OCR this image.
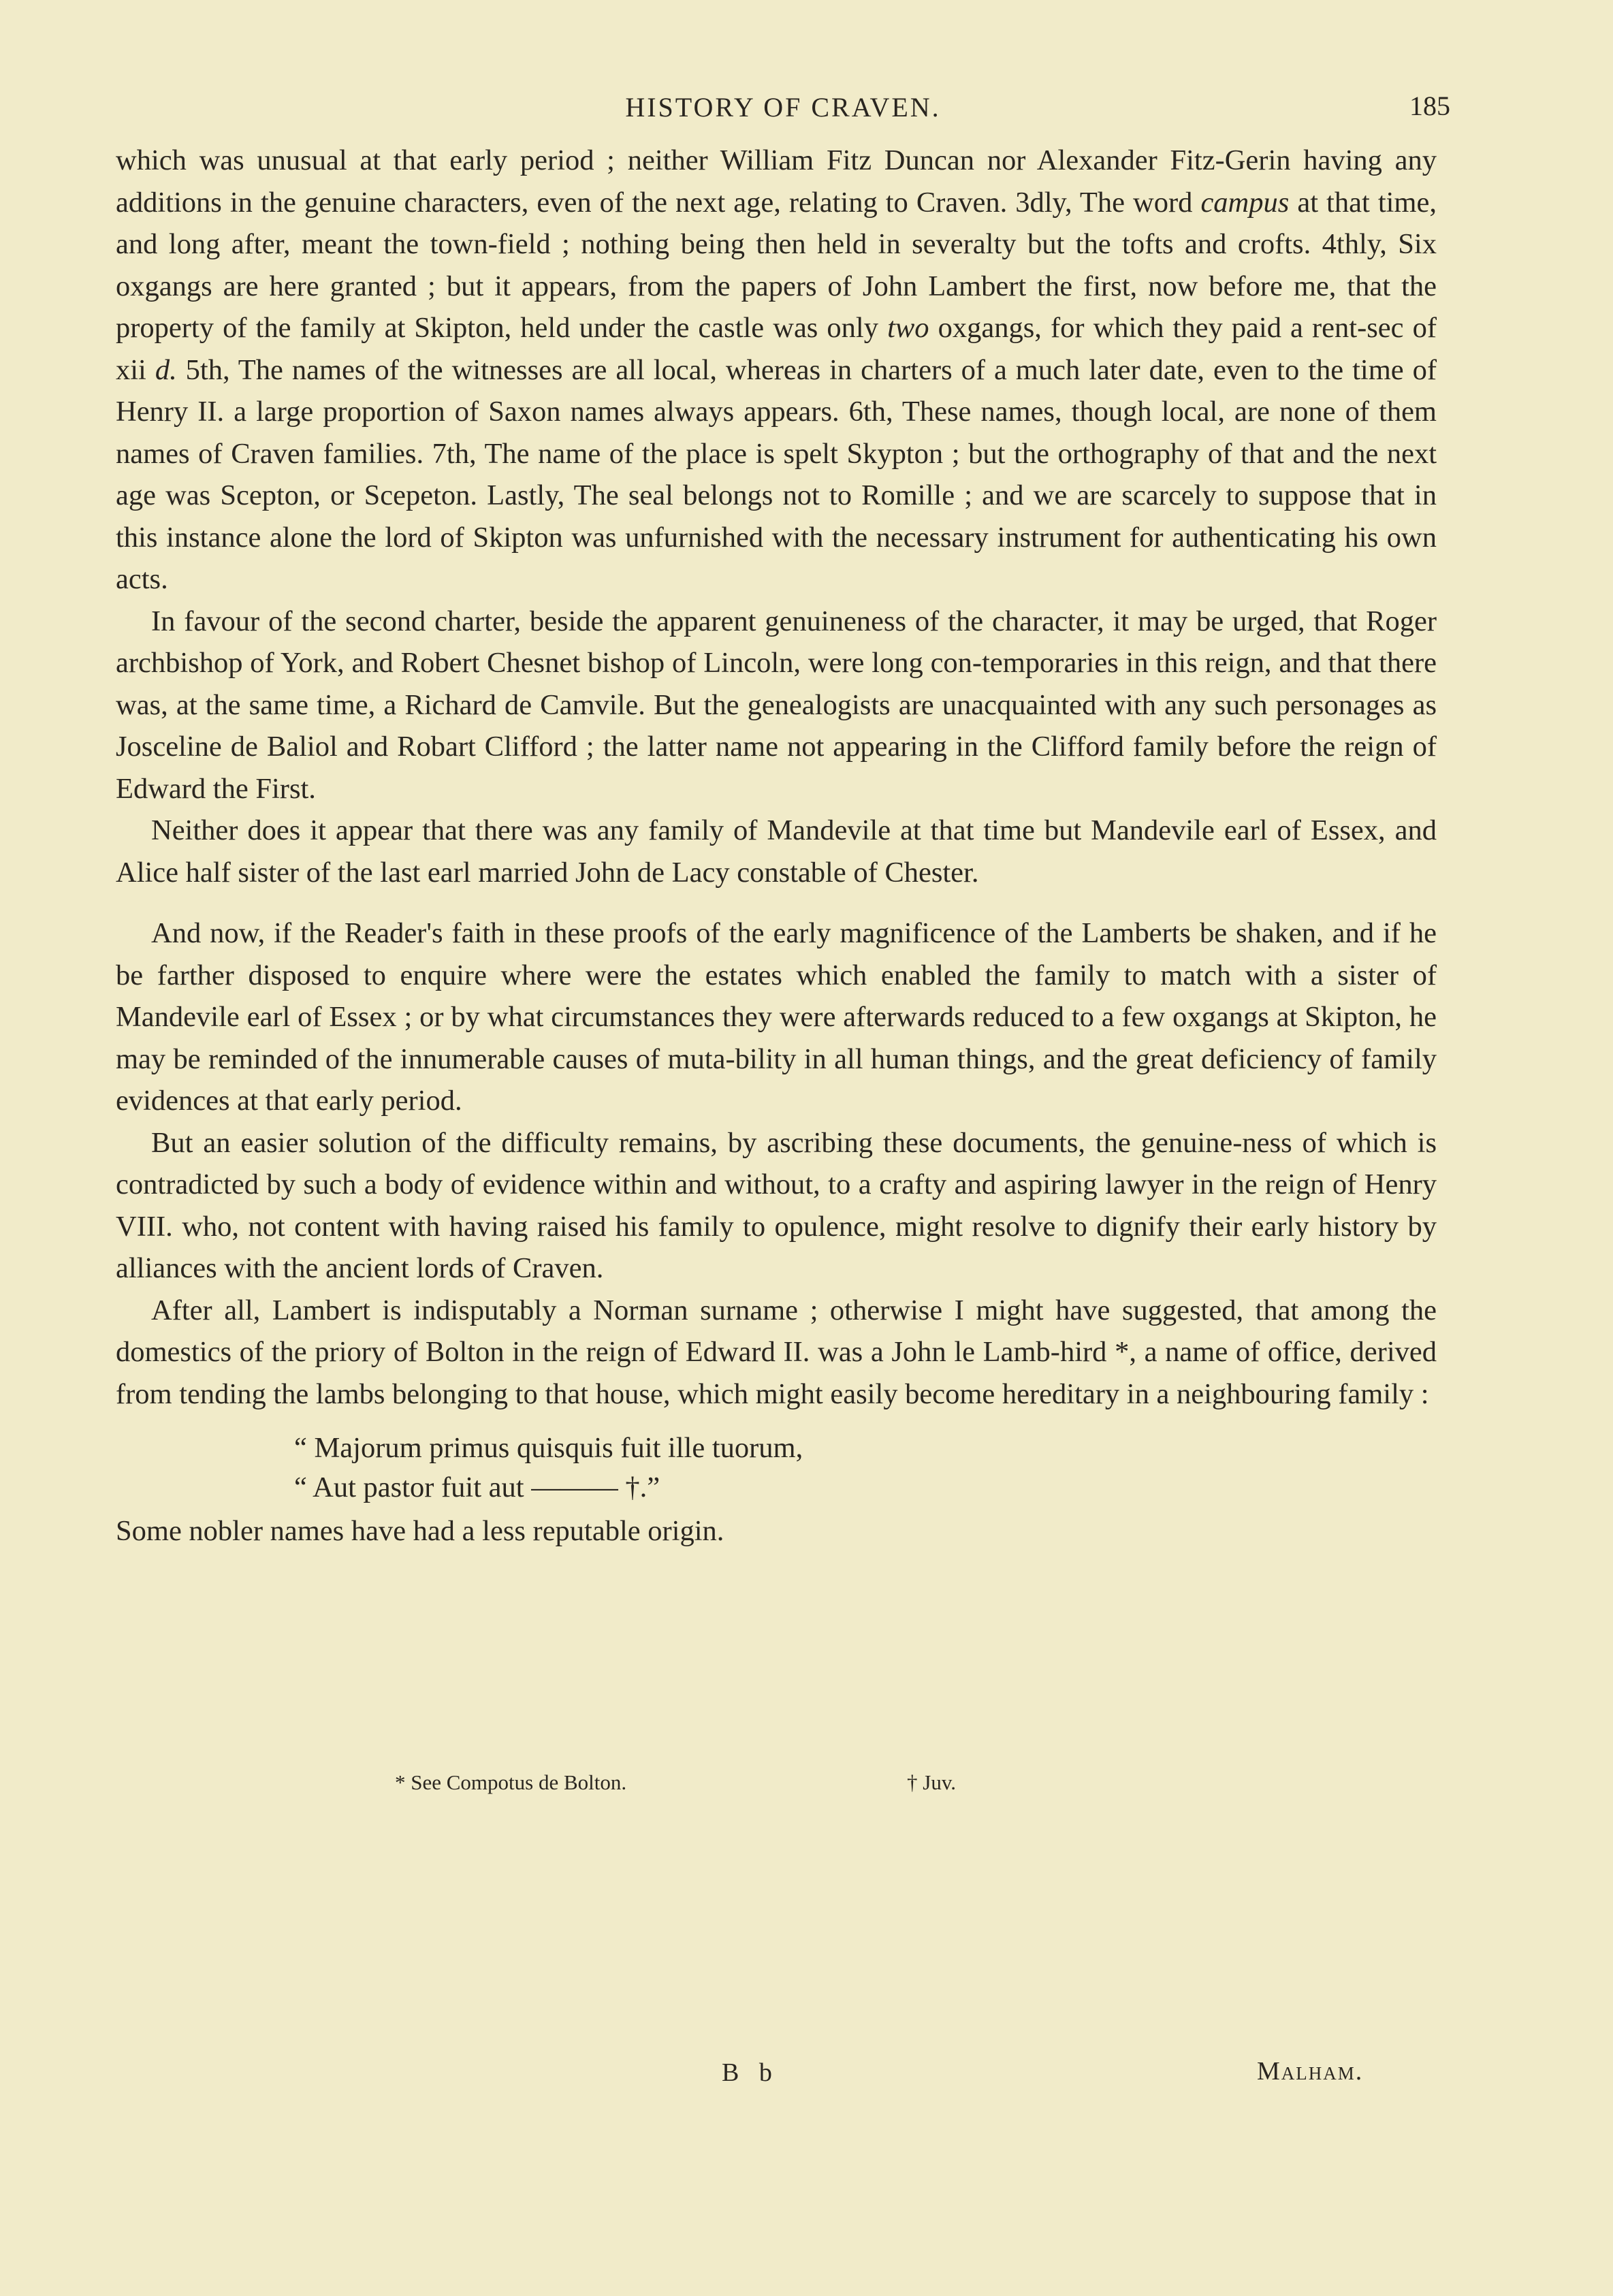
HISTORY OF CRAVEN.	185

which was unusual at that early period ; neither William Fitz Duncan nor Alexander Fitz-Gerin having any additions in the genuine characters, even of the next age, relating to Craven. 3dly, The word campus at that time, and long after, meant the town-field ; nothing being then held in severalty but the tofts and crofts. 4thly, Six oxgangs are here granted ; but it appears, from the papers of John Lambert the first, now before me, that the property of the family at Skipton, held under the castle was only two oxgangs, for which they paid a rent-sec of xii d. 5th, The names of the witnesses are all local, whereas in charters of a much later date, even to the time of Henry II. a large proportion of Saxon names always appears. 6th, These names, though local, are none of them names of Craven families. 7th, The name of the place is spelt Skypton ; but the orthography of that and the next age was Scepton, or Scepeton. Lastly, The seal belongs not to Romille ; and we are scarcely to suppose that in this instance alone the lord of Skipton was unfurnished with the necessary instrument for authenticating his own acts.

In favour of the second charter, beside the apparent genuineness of the character, it may be urged, that Roger archbishop of York, and Robert Chesnet bishop of Lincoln, were long con-temporaries in this reign, and that there was, at the same time, a Richard de Camvile. But the genealogists are unacquainted with any such personages as Josceline de Baliol and Robart Clifford ; the latter name not appearing in the Clifford family before the reign of Edward the First.

Neither does it appear that there was any family of Mandevile at that time but Mandevile earl of Essex, and Alice half sister of the last earl married John de Lacy constable of Chester.

And now, if the Reader's faith in these proofs of the early magnificence of the Lamberts be shaken, and if he be farther disposed to enquire where were the estates which enabled the family to match with a sister of Mandevile earl of Essex ; or by what circumstances they were afterwards reduced to a few oxgangs at Skipton, he may be reminded of the innumerable causes of muta-bility in all human things, and the great deficiency of family evidences at that early period.

But an easier solution of the difficulty remains, by ascribing these documents, the genuine-ness of which is contradicted by such a body of evidence within and without, to a crafty and aspiring lawyer in the reign of Henry VIII. who, not content with having raised his family to opulence, might resolve to dignify their early history by alliances with the ancient lords of Craven.

After all, Lambert is indisputably a Norman surname ; otherwise I might have suggested, that among the domestics of the priory of Bolton in the reign of Edward II. was a John le Lamb-hird *, a name of office, derived from tending the lambs belonging to that house, which might easily become hereditary in a neighbouring family :

“ Majorum primus quisquis fuit ille tuorum,
“ Aut pastor fuit aut ——— †.”

Some nobler names have had a less reputable origin.

* See Compotus de Bolton.	† Juv.
B b	Malham.
